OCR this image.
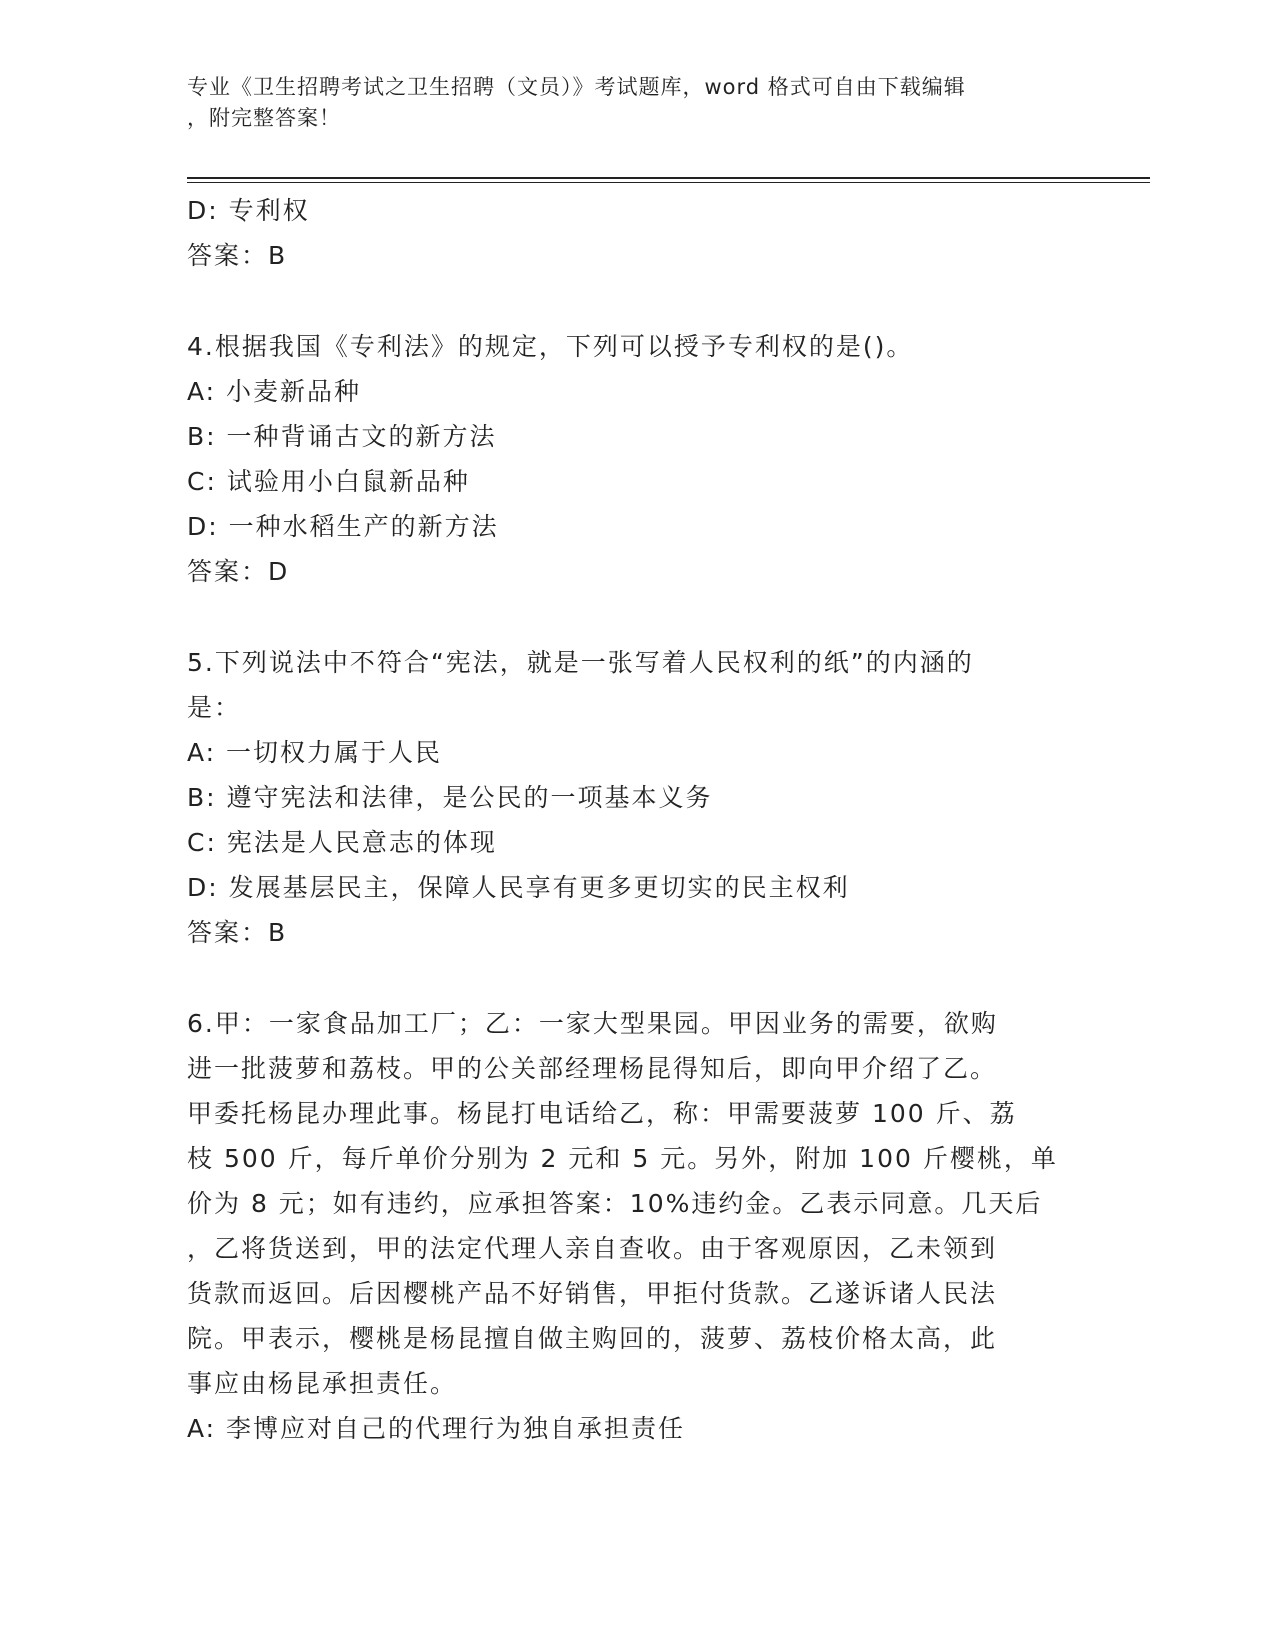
专业《卫生招聘考试之卫生招聘（文员）》考试题库，word 格式可自由下载编辑
，附完整答案！
D: 专利权
答案：B
4.根据我国《专利法》的规定，下列可以授予专利权的是()。
A: 小麦新品种
B: 一种背诵古文的新方法
C: 试验用小白鼠新品种
D: 一种水稻生产的新方法
答案：D
5.下列说法中不符合“宪法，就是一张写着人民权利的纸”的内涵的
是：
A: 一切权力属于人民
B: 遵守宪法和法律，是公民的一项基本义务
C: 宪法是人民意志的体现
D: 发展基层民主，保障人民享有更多更切实的民主权利
答案：B
6.甲：一家食品加工厂；乙：一家大型果园。甲因业务的需要，欲购
进一批菠萝和荔枝。甲的公关部经理杨昆得知后，即向甲介绍了乙。
甲委托杨昆办理此事。杨昆打电话给乙，称：甲需要菠萝 100 斤、荔
枝 500 斤，每斤单价分别为 2 元和 5 元。另外，附加 100 斤樱桃，单
价为 8 元；如有违约，应承担答案：10%违约金。乙表示同意。几天后
，乙将货送到，甲的法定代理人亲自查收。由于客观原因，乙未领到
货款而返回。后因樱桃产品不好销售，甲拒付货款。乙遂诉诸人民法
院。甲表示，樱桃是杨昆擅自做主购回的，菠萝、荔枝价格太高，此
事应由杨昆承担责任。
A: 李博应对自己的代理行为独自承担责任
